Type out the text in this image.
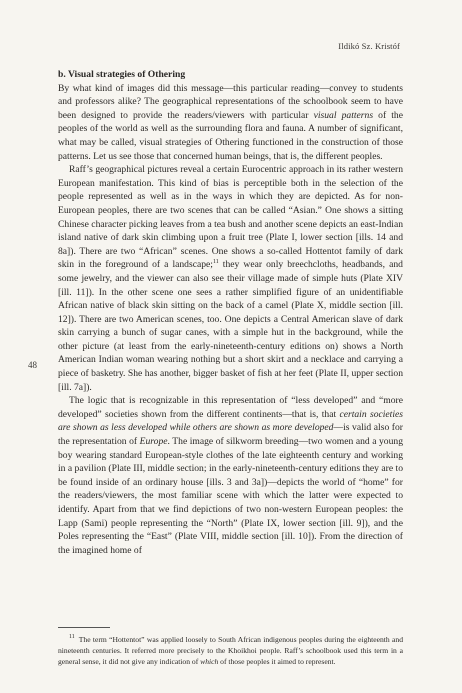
Ildikó Sz. Kristóf
48
b. Visual strategies of Othering

By what kind of images did this message—this particular reading—convey to students and professors alike? The geographical representations of the schoolbook seem to have been designed to provide the readers/viewers with particular visual patterns of the peoples of the world as well as the surrounding flora and fauna. A number of significant, what may be called, visual strategies of Othering functioned in the construction of those patterns. Let us see those that concerned human beings, that is, the different peoples.

Raff’s geographical pictures reveal a certain Eurocentric approach in its rather western European manifestation. This kind of bias is perceptible both in the selection of the people represented as well as in the ways in which they are depicted. As for non-European peoples, there are two scenes that can be called “Asian.” One shows a sitting Chinese character picking leaves from a tea bush and another scene depicts an east-Indian island native of dark skin climbing upon a fruit tree (Plate I, lower section [ills. 14 and 8a]). There are two “African” scenes. One shows a so-called Hottentot family of dark skin in the foreground of a landscape;$^{11}$ they wear only breechcloths, headbands, and some jewelry, and the viewer can also see their village made of simple huts (Plate XIV [ill. 11]). In the other scene one sees a rather simplified figure of an unidentifiable African native of black skin sitting on the back of a camel (Plate X, middle section [ill. 12]). There are two American scenes, too. One depicts a Central American slave of dark skin carrying a bunch of sugar canes, with a simple hut in the background, while the other picture (at least from the early-nineteenth-century editions on) shows a North American Indian woman wearing nothing but a short skirt and a necklace and carrying a piece of basketry. She has another, bigger basket of fish at her feet (Plate II, upper section [ill. 7a]).

The logic that is recognizable in this representation of “less developed” and “more developed” societies shown from the different continents—that is, that certain societies are shown as less developed while others are shown as more developed—is valid also for the representation of Europe. The image of silkworm breeding—two women and a young boy wearing standard European-style clothes of the late eighteenth century and working in a pavilion (Plate III, middle section; in the early-nineteenth-century editions they are to be found inside of an ordinary house [ills. 3 and 3a])—depicts the world of “home” for the readers/viewers, the most familiar scene with which the latter were expected to identify. Apart from that we find depictions of two non-western European peoples: the Lapp (Sami) people representing the “North” (Plate IX, lower section [ill. 9]), and the Poles representing the “East” (Plate VIII, middle section [ill. 10]). From the direction of the imagined home of

$^{11}$ The term “Hottentot” was applied loosely to South African indigenous peoples during the eighteenth and nineteenth centuries. It referred more precisely to the Khoikhoi people. Raff’s schoolbook used this term in a general sense, it did not give any indication of which of those peoples it aimed to represent.
